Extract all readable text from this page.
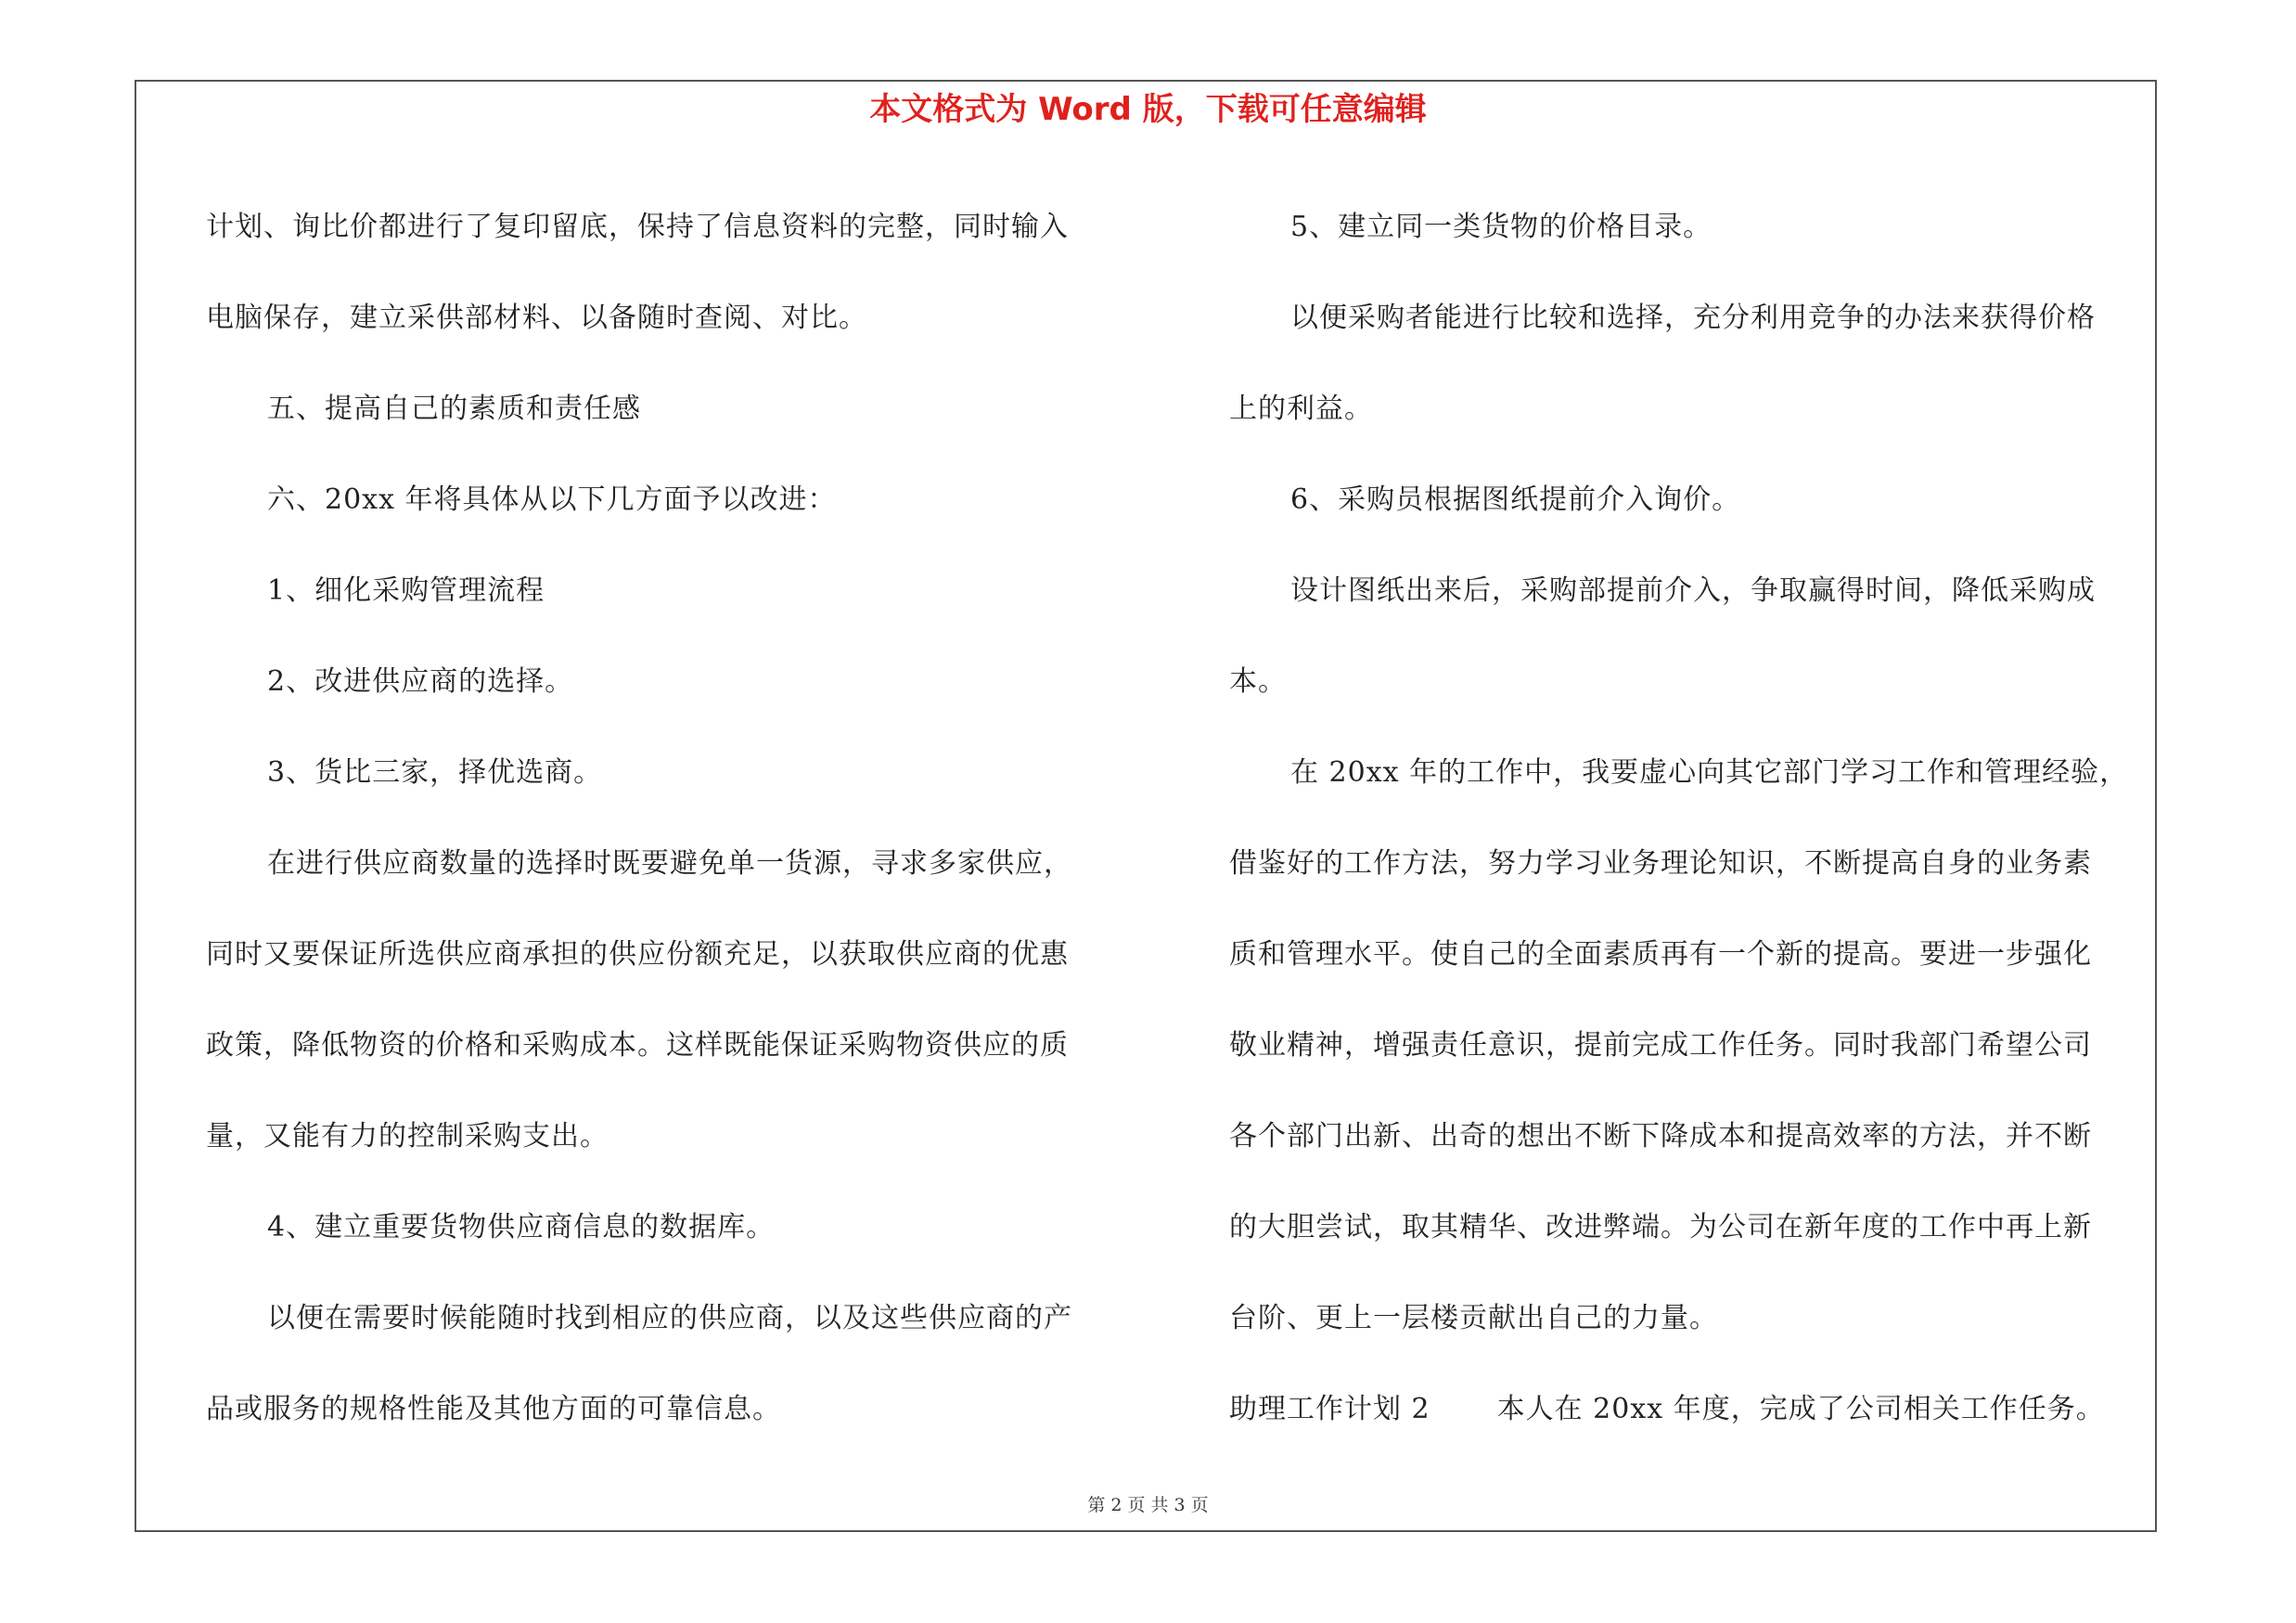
本文格式为 Word 版，下载可任意编辑

计划、询比价都进行了复印留底，保持了信息资料的完整，同时输入

电脑保存，建立采供部材料、以备随时查阅、对比。

五、提高自己的素质和责任感

六、20xx 年将具体从以下几方面予以改进：

1、细化采购管理流程

2、改进供应商的选择。

3、货比三家，择优选商。

在进行供应商数量的选择时既要避免单一货源，寻求多家供应，

同时又要保证所选供应商承担的供应份额充足，以获取供应商的优惠

政策，降低物资的价格和采购成本。这样既能保证采购物资供应的质

量，又能有力的控制采购支出。

4、建立重要货物供应商信息的数据库。

以便在需要时候能随时找到相应的供应商，以及这些供应商的产

品或服务的规格性能及其他方面的可靠信息。

5、建立同一类货物的价格目录。

以便采购者能进行比较和选择，充分利用竞争的办法来获得价格

上的利益。

6、采购员根据图纸提前介入询价。

设计图纸出来后，采购部提前介入，争取赢得时间，降低采购成

本。

在 20xx 年的工作中，我要虚心向其它部门学习工作和管理经验，

借鉴好的工作方法，努力学习业务理论知识，不断提高自身的业务素

质和管理水平。使自己的全面素质再有一个新的提高。要进一步强化

敬业精神，增强责任意识，提前完成工作任务。同时我部门希望公司

各个部门出新、出奇的想出不断下降成本和提高效率的方法，并不断

的大胆尝试，取其精华、改进弊端。为公司在新年度的工作中再上新

台阶、更上一层楼贡献出自己的力量。

助理工作计划 2 本人在 20xx 年度，完成了公司相关工作任务。

第 2 页 共 3 页
